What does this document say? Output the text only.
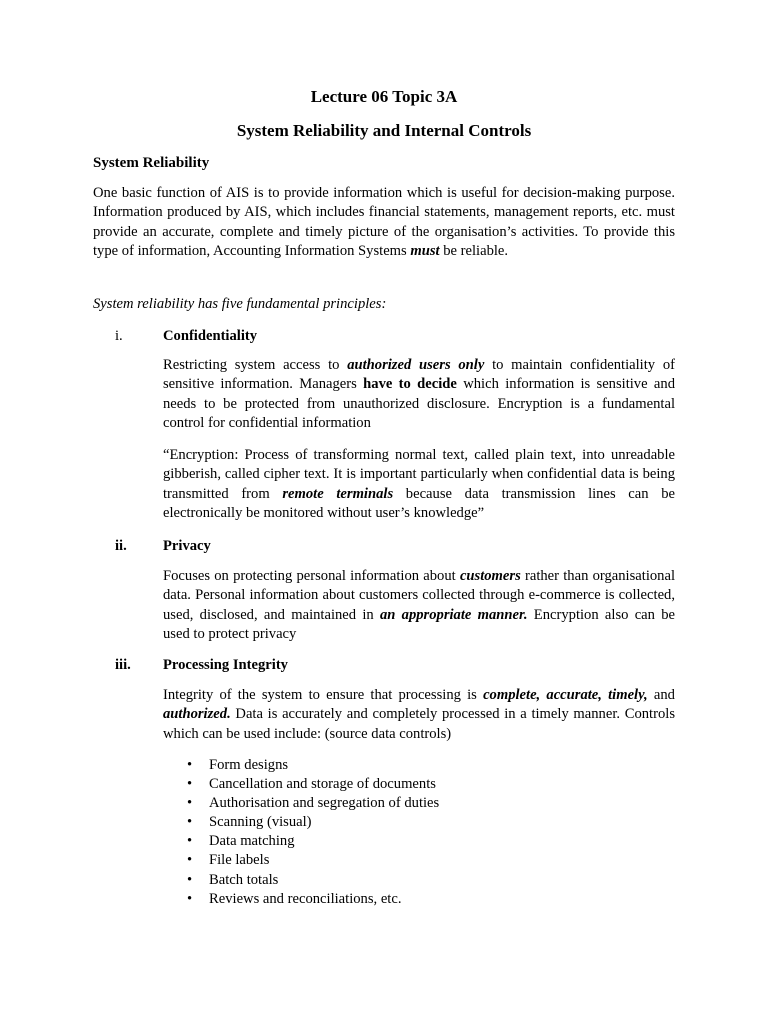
Lecture 06 Topic 3A
System Reliability and Internal Controls
System Reliability

One basic function of AIS is to provide information which is useful for decision-making purpose. Information produced by AIS, which includes financial statements, management reports, etc. must provide an accurate, complete and timely picture of the organisation’s activities. To provide this type of information, Accounting Information Systems must be reliable.

System reliability has five fundamental principles:

i.	Confidentiality

Restricting system access to authorized users only to maintain confidentiality of sensitive information. Managers have to decide which information is sensitive and needs to be protected from unauthorized disclosure. Encryption is a fundamental control for confidential information

“Encryption: Process of transforming normal text, called plain text, into unreadable gibberish, called cipher text. It is important particularly when confidential data is being transmitted from remote terminals because data transmission lines can be electronically be monitored without user’s knowledge”

ii. Privacy

Focuses on protecting personal information about customers rather than organisational data. Personal information about customers collected through e-commerce is collected, used, disclosed, and maintained in an appropriate manner. Encryption also can be used to protect privacy

iii. Processing Integrity

Integrity of the system to ensure that processing is complete, accurate, timely, and authorized. Data is accurately and completely processed in a timely manner. Controls which can be used include: (source data controls)

• Form designs
• Cancellation and storage of documents
• Authorisation and segregation of duties
• Scanning (visual)
• Data matching
• File labels
• Batch totals
• Reviews and reconciliations, etc.
